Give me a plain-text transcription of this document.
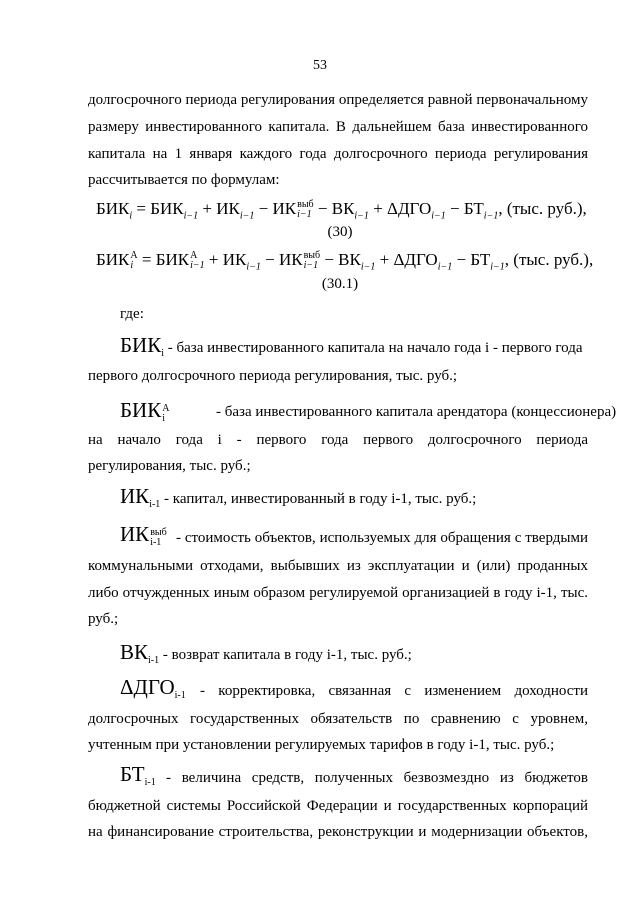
53
долгосрочного периода регулирования определяется равной первоначальному
размеру инвестированного капитала. В дальнейшем база инвестированного
капитала на 1 января каждого года долгосрочного периода регулирования
рассчитывается по формулам:
$БИК_i = БИК_{i-1} + ИК_{i-1}$ − ИК выб
$i-1 - ВК_{i-1} + \Delta ДГО_{i-1} - БТ_{i-1}$, (тыс. руб.),
(30)
БИК А
i = БИК А
$i-1 + ИК_{i-1}$ − ИК выб
$i-1 - ВК_{i-1} + \Delta ДГО_{i-1} - БТ_{i-1}$, (тыс. руб.),
(30.1)
где:
$БИК_i$ - база инвестированного капитала на начало года i - первого года
первого долгосрочного периода регулирования, тыс. руб.;
БИК А
i	- база инвестированного капитала арендатора (концессионера)
на начало года i - первого года первого долгосрочного периода
регулирования, тыс. руб.;
$ИК_{i-1}$ - капитал, инвестированный в году i-1, тыс. руб.;
ИК выб
i-1 - стоимость объектов, используемых для обращения с твердыми
коммунальными отходами, выбывших из эксплуатации и (или) проданных
либо отчужденных иным образом регулируемой организацией в году i-1, тыс.
руб.;
$ВК_{i-1}$ - возврат капитала в году i-1, тыс. руб.;
$\Delta ДГО_{i-1}$ - корректировка, связанная с изменением доходности
долгосрочных государственных обязательств по сравнению с уровнем,
учтенным при установлении регулируемых тарифов в году i-1, тыс. руб.;
$БТ_{i-1}$ - величина средств, полученных безвозмездно из бюджетов
бюджетной системы Российской Федерации и государственных корпораций
на финансирование строительства, реконструкции и модернизации объектов,
